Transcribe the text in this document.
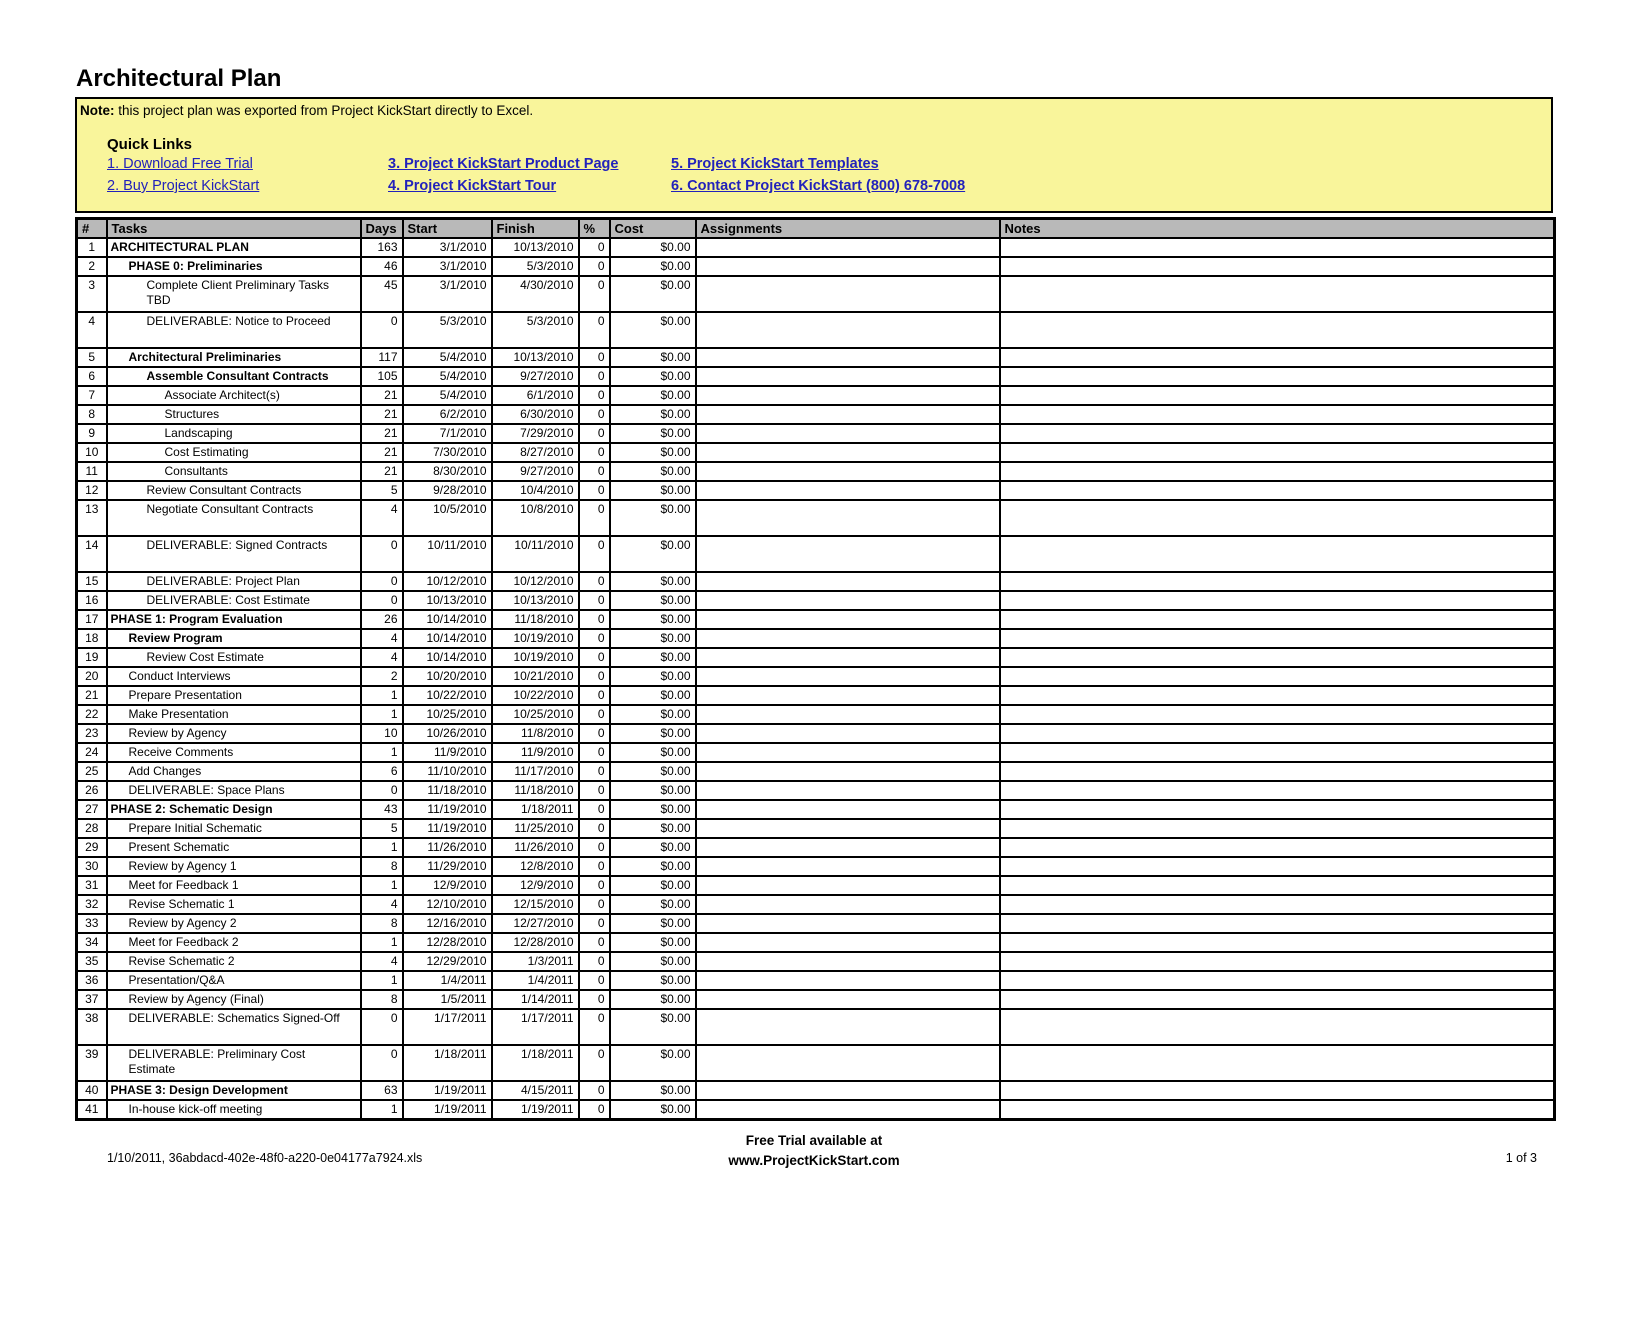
Architectural Plan
Note: this project plan was exported from Project KickStart directly to Excel.
Quick Links
1. Download Free Trial	3. Project KickStart Product Page	5. Project KickStart Templates
2. Buy Project KickStart	4. Project KickStart Tour	6. Contact Project KickStart (800) 678-7008
#	Tasks	Days	Start	Finish	%	Cost	Assignments	Notes
1	ARCHITECTURAL PLAN	163	3/1/2010	10/13/2010	0	$0.00		
2	PHASE 0: Preliminaries	46	3/1/2010	5/3/2010	0	$0.00		
3	Complete Client Preliminary Tasks
TBD	45	3/1/2010	4/30/2010	0	$0.00		
4	DELIVERABLE: Notice to Proceed	0	5/3/2010	5/3/2010	0	$0.00		
5	Architectural Preliminaries	117	5/4/2010	10/13/2010	0	$0.00		
6	Assemble Consultant Contracts	105	5/4/2010	9/27/2010	0	$0.00		
7	Associate Architect(s)	21	5/4/2010	6/1/2010	0	$0.00		
8	Structures	21	6/2/2010	6/30/2010	0	$0.00		
9	Landscaping	21	7/1/2010	7/29/2010	0	$0.00		
10	Cost Estimating	21	7/30/2010	8/27/2010	0	$0.00		
11	Consultants	21	8/30/2010	9/27/2010	0	$0.00		
12	Review Consultant Contracts	5	9/28/2010	10/4/2010	0	$0.00		
13	Negotiate Consultant Contracts	4	10/5/2010	10/8/2010	0	$0.00		
14	DELIVERABLE: Signed Contracts	0	10/11/2010	10/11/2010	0	$0.00		
15	DELIVERABLE: Project Plan	0	10/12/2010	10/12/2010	0	$0.00		
16	DELIVERABLE: Cost Estimate	0	10/13/2010	10/13/2010	0	$0.00		
17	PHASE 1: Program Evaluation	26	10/14/2010	11/18/2010	0	$0.00		
18	Review Program	4	10/14/2010	10/19/2010	0	$0.00		
19	Review Cost Estimate	4	10/14/2010	10/19/2010	0	$0.00		
20	Conduct Interviews	2	10/20/2010	10/21/2010	0	$0.00		
21	Prepare Presentation	1	10/22/2010	10/22/2010	0	$0.00		
22	Make Presentation	1	10/25/2010	10/25/2010	0	$0.00		
23	Review by Agency	10	10/26/2010	11/8/2010	0	$0.00		
24	Receive Comments	1	11/9/2010	11/9/2010	0	$0.00		
25	Add Changes	6	11/10/2010	11/17/2010	0	$0.00		
26	DELIVERABLE: Space Plans	0	11/18/2010	11/18/2010	0	$0.00		
27	PHASE 2: Schematic Design	43	11/19/2010	1/18/2011	0	$0.00		
28	Prepare Initial Schematic	5	11/19/2010	11/25/2010	0	$0.00		
29	Present Schematic	1	11/26/2010	11/26/2010	0	$0.00		
30	Review by Agency 1	8	11/29/2010	12/8/2010	0	$0.00		
31	Meet for Feedback 1	1	12/9/2010	12/9/2010	0	$0.00		
32	Revise Schematic 1	4	12/10/2010	12/15/2010	0	$0.00		
33	Review by Agency 2	8	12/16/2010	12/27/2010	0	$0.00		
34	Meet for Feedback 2	1	12/28/2010	12/28/2010	0	$0.00		
35	Revise Schematic 2	4	12/29/2010	1/3/2011	0	$0.00		
36	Presentation/Q&A	1	1/4/2011	1/4/2011	0	$0.00		
37	Review by Agency (Final)	8	1/5/2011	1/14/2011	0	$0.00		
38	DELIVERABLE: Schematics Signed-Off	0	1/17/2011	1/17/2011	0	$0.00		
39	DELIVERABLE: Preliminary Cost
Estimate	0	1/18/2011	1/18/2011	0	$0.00		
40	PHASE 3: Design Development	63	1/19/2011	4/15/2011	0	$0.00		
41	In-house kick-off meeting	1	1/19/2011	1/19/2011	0	$0.00		
1/10/2011, 36abdacd-402e-48f0-a220-0e04177a7924.xls
Free Trial available at
www.ProjectKickStart.com	1 of 3
